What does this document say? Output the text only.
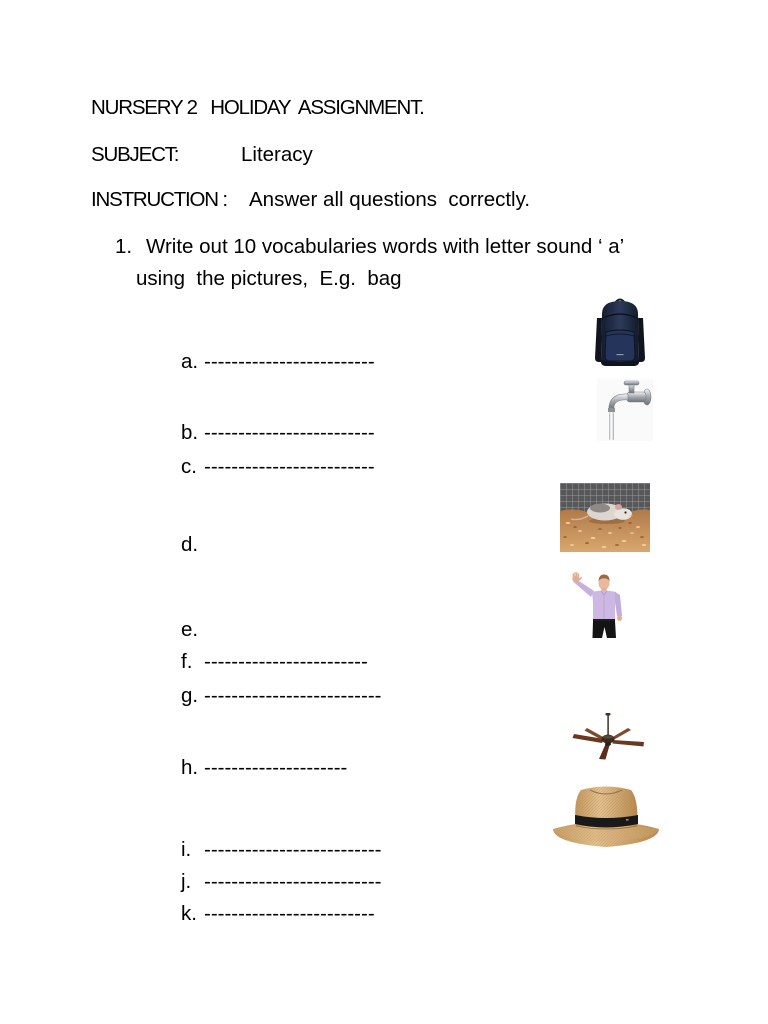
NURSERY 2   HOLIDAY  ASSIGNMENT.
SUBJECT:	Literacy
INSTRUCTION : Answer all questions  correctly.
1. Write out 10 vocabularies words with letter sound ‘ a’
using  the pictures,  E.g.  bag
a. -------------------------
b. -------------------------
c. -------------------------
d.
e.
f. ------------------------
g. --------------------------
h. ---------------------
i. --------------------------
j. --------------------------
k. -------------------------
